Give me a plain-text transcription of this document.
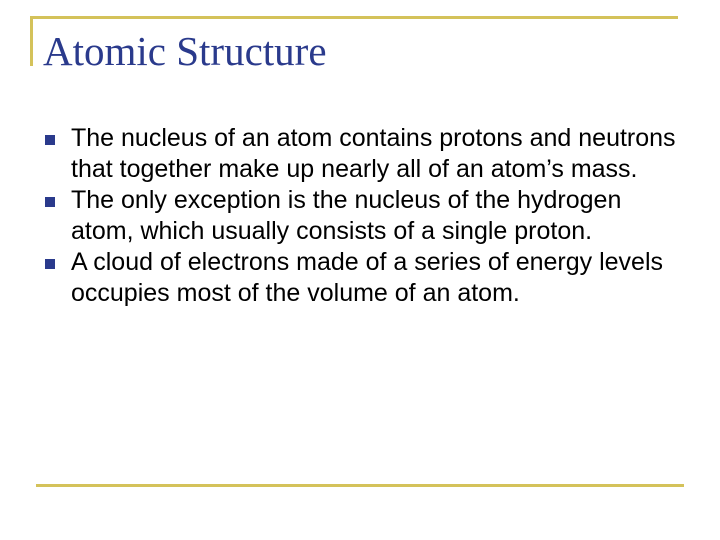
Atomic Structure
The nucleus of an atom contains protons and neutrons that together make up nearly all of an atom’s mass.
The only exception is the nucleus of the hydrogen atom, which usually consists of a single proton.
A cloud of electrons made of a series of energy levels occupies most of the volume of an atom.
